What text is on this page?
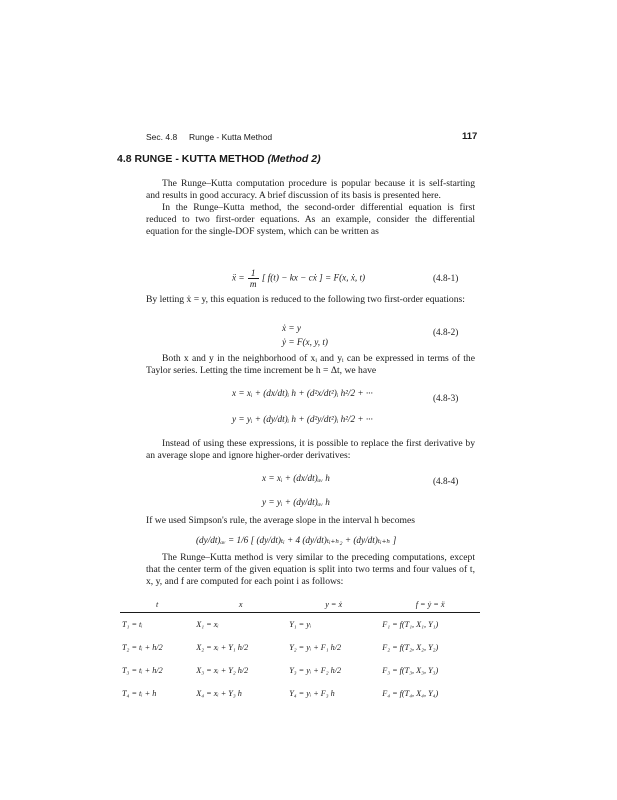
Sec. 4.8     Runge - Kutta Method	117
4.8 RUNGE - KUTTA METHOD (Method 2)

The Runge–Kutta computation procedure is popular because it is self-starting and results in good accuracy. A brief discussion of its basis is presented here.

In the Runge–Kutta method, the second-order differential equation is first reduced to two first-order equations. As an example, consider the differential equation for the single-DOF system, which can be written as

ẍ = $\frac{1}{m}$ [ f(t) − kx − cẋ ] = F(x, ẋ, t)	(4.8-1)

By letting ẋ = y, this equation is reduced to the following two first-order equations:

ẋ = y
ẏ = F(x, y, t)
(4.8-2)

Both x and y in the neighborhood of xᵢ and yᵢ can be expressed in terms of the Taylor series. Letting the time increment be h = Δt, we have

x = xᵢ + (dx/dt)ᵢ h + (d²x/dt²)ᵢ h²/2 + ···
y = yᵢ + (dy/dt)ᵢ h + (d²y/dt²)ᵢ h²/2 + ···
(4.8-3)

Instead of using these expressions, it is possible to replace the first derivative by an average slope and ignore higher-order derivatives:

x = xᵢ + (dx/dt)ₐᵥ h
y = yᵢ + (dy/dt)ₐᵥ h
(4.8-4)

If we used Simpson's rule, the average slope in the interval h becomes

(dy/dt)ₐᵥ = 1/6 [ (dy/dt)ₜᵢ + 4 (dy/dt)ₜᵢ₊ₕ₂ + (dy/dt)ₜᵢ₊ₕ ]

The Runge–Kutta method is very similar to the preceding computations, except that the center term of the given equation is split into two terms and four values of t, x, y, and f are computed for each point i as follows:

t	x	y = ẋ	f = ẏ = ẍ
T₁ = tᵢ	X₁ = xᵢ	Y₁ = yᵢ	F₁ = f(T₁, X₁, Y₁)
T₂ = tᵢ + h/2	X₂ = xᵢ + Y₁ h/2	Y₂ = yᵢ + F₁ h/2	F₂ = f(T₂, X₂, Y₂)
T₃ = tᵢ + h/2	X₃ = xᵢ + Y₂ h/2	Y₃ = yᵢ + F₂ h/2	F₃ = f(T₃, X₃, Y₃)
T₄ = tᵢ + h	X₄ = xᵢ + Y₃ h	Y₄ = yᵢ + F₃ h	F₄ = f(T₄, X₄, Y₄)
